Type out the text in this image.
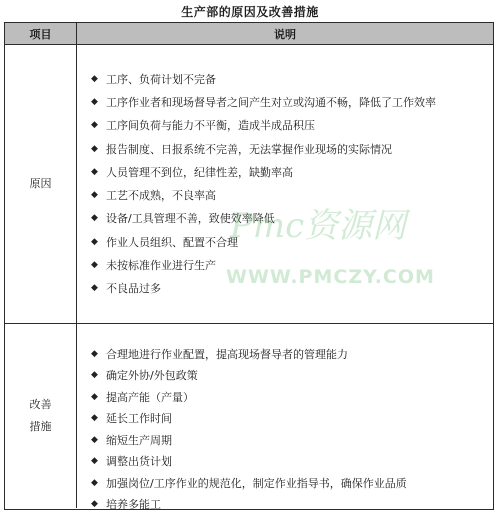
生产部的原因及改善措施
项目	说明
原因
◆ 工序、负荷计划不完备
◆ 工序作业者和现场督导者之间产生对立或沟通不畅，降低了工作效率
◆ 工序间负荷与能力不平衡，造成半成品积压
◆ 报告制度、日报系统不完善，无法掌握作业现场的实际情况
◆ 人员管理不到位，纪律性差，缺勤率高
◆ 工艺不成熟，不良率高
◆ 设备/工具管理不善，致使效率降低
◆ 作业人员组织、配置不合理
◆ 未按标准作业进行生产
◆ 不良品过多
改善
措施
◆ 合理地进行作业配置，提高现场督导者的管理能力
◆ 确定外协/外包政策
◆ 提高产能（产量）
◆ 延长工作时间
◆ 缩短生产周期
◆ 调整出货计划
◆ 加强岗位/工序作业的规范化，制定作业指导书，确保作业品质
◆ 培养多能工
Pmc资源网
WWW.PMCZY.COM
